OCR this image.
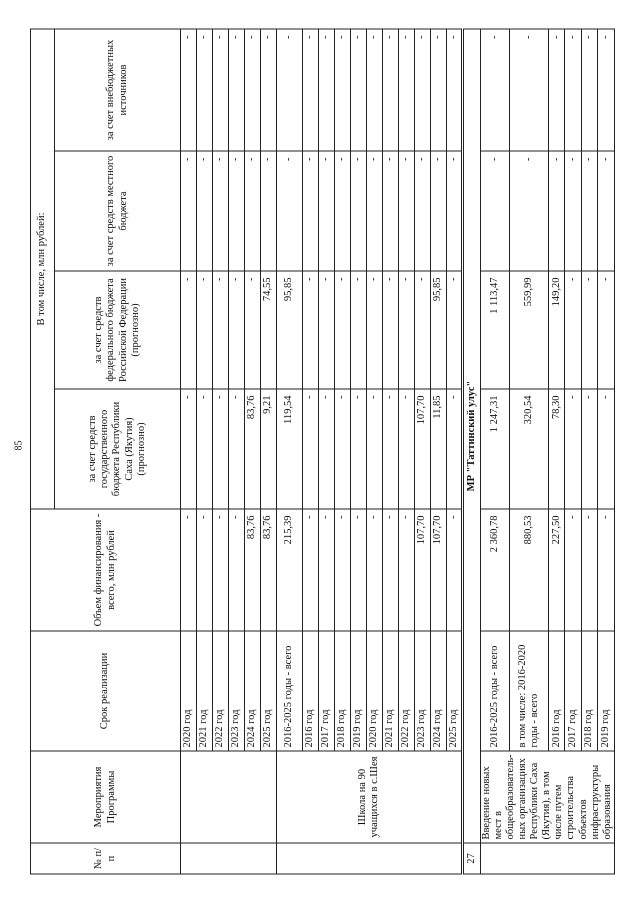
85
№ п/п	Мероприятия Программы	Срок реализации	Объем финансирования - всего, млн рублей	В том числе, млн рублей:			
				за счет средств государственного бюджета Республики Саха (Якутия) (прогнозно)	за счет средств федерального бюджета Российской Федерации (прогнозно)	за счет средств местного бюджета	за счет внебюджетных источников
		2020 год	-	-	-	-	-
		2021 год	-	-	-	-	-
		2022 год	-	-	-	-	-
		2023 год	-	-	-	-	-
		2024 год	83,76	83,76	-	-	-
		2025 год	83,76	9,21	74,55	-	-
	Школа на 90 учащихся в с.Шея	2016-2025 годы - всего	215,39	119,54	95,85	-	-
		2016 год	-	-	-	-	-
		2017 год	-	-	-	-	-
		2018 год	-	-	-	-	-
		2019 год	-	-	-	-	-
		2020 год	-	-	-	-	-
		2021 год	-	-	-	-	-
		2022 год	-	-	-	-	-
		2023 год	107,70	107,70	-	-	-
		2024 год	107,70	11,85	95,85	-	-
		2025 год	-	-	-	-	-
27	МР "Таттинский улус"						
	Введение новых мест в общеобразователь-ных организациях Республики Саха (Якутия), в том числе путем строительства объектов инфраструктуры образования	2016-2025 годы - всего	2 360,78	1 247,31	1 113,47	-	-
		в том числе: 2016-2020 годы - всего	880,53	320,54	559,99	-	-
		2016 год	227,50	78,30	149,20	-	-
		2017 год	-	-	-	-	-
		2018 год	-	-	-	-	-
		2019 год	-	-	-	-	-
